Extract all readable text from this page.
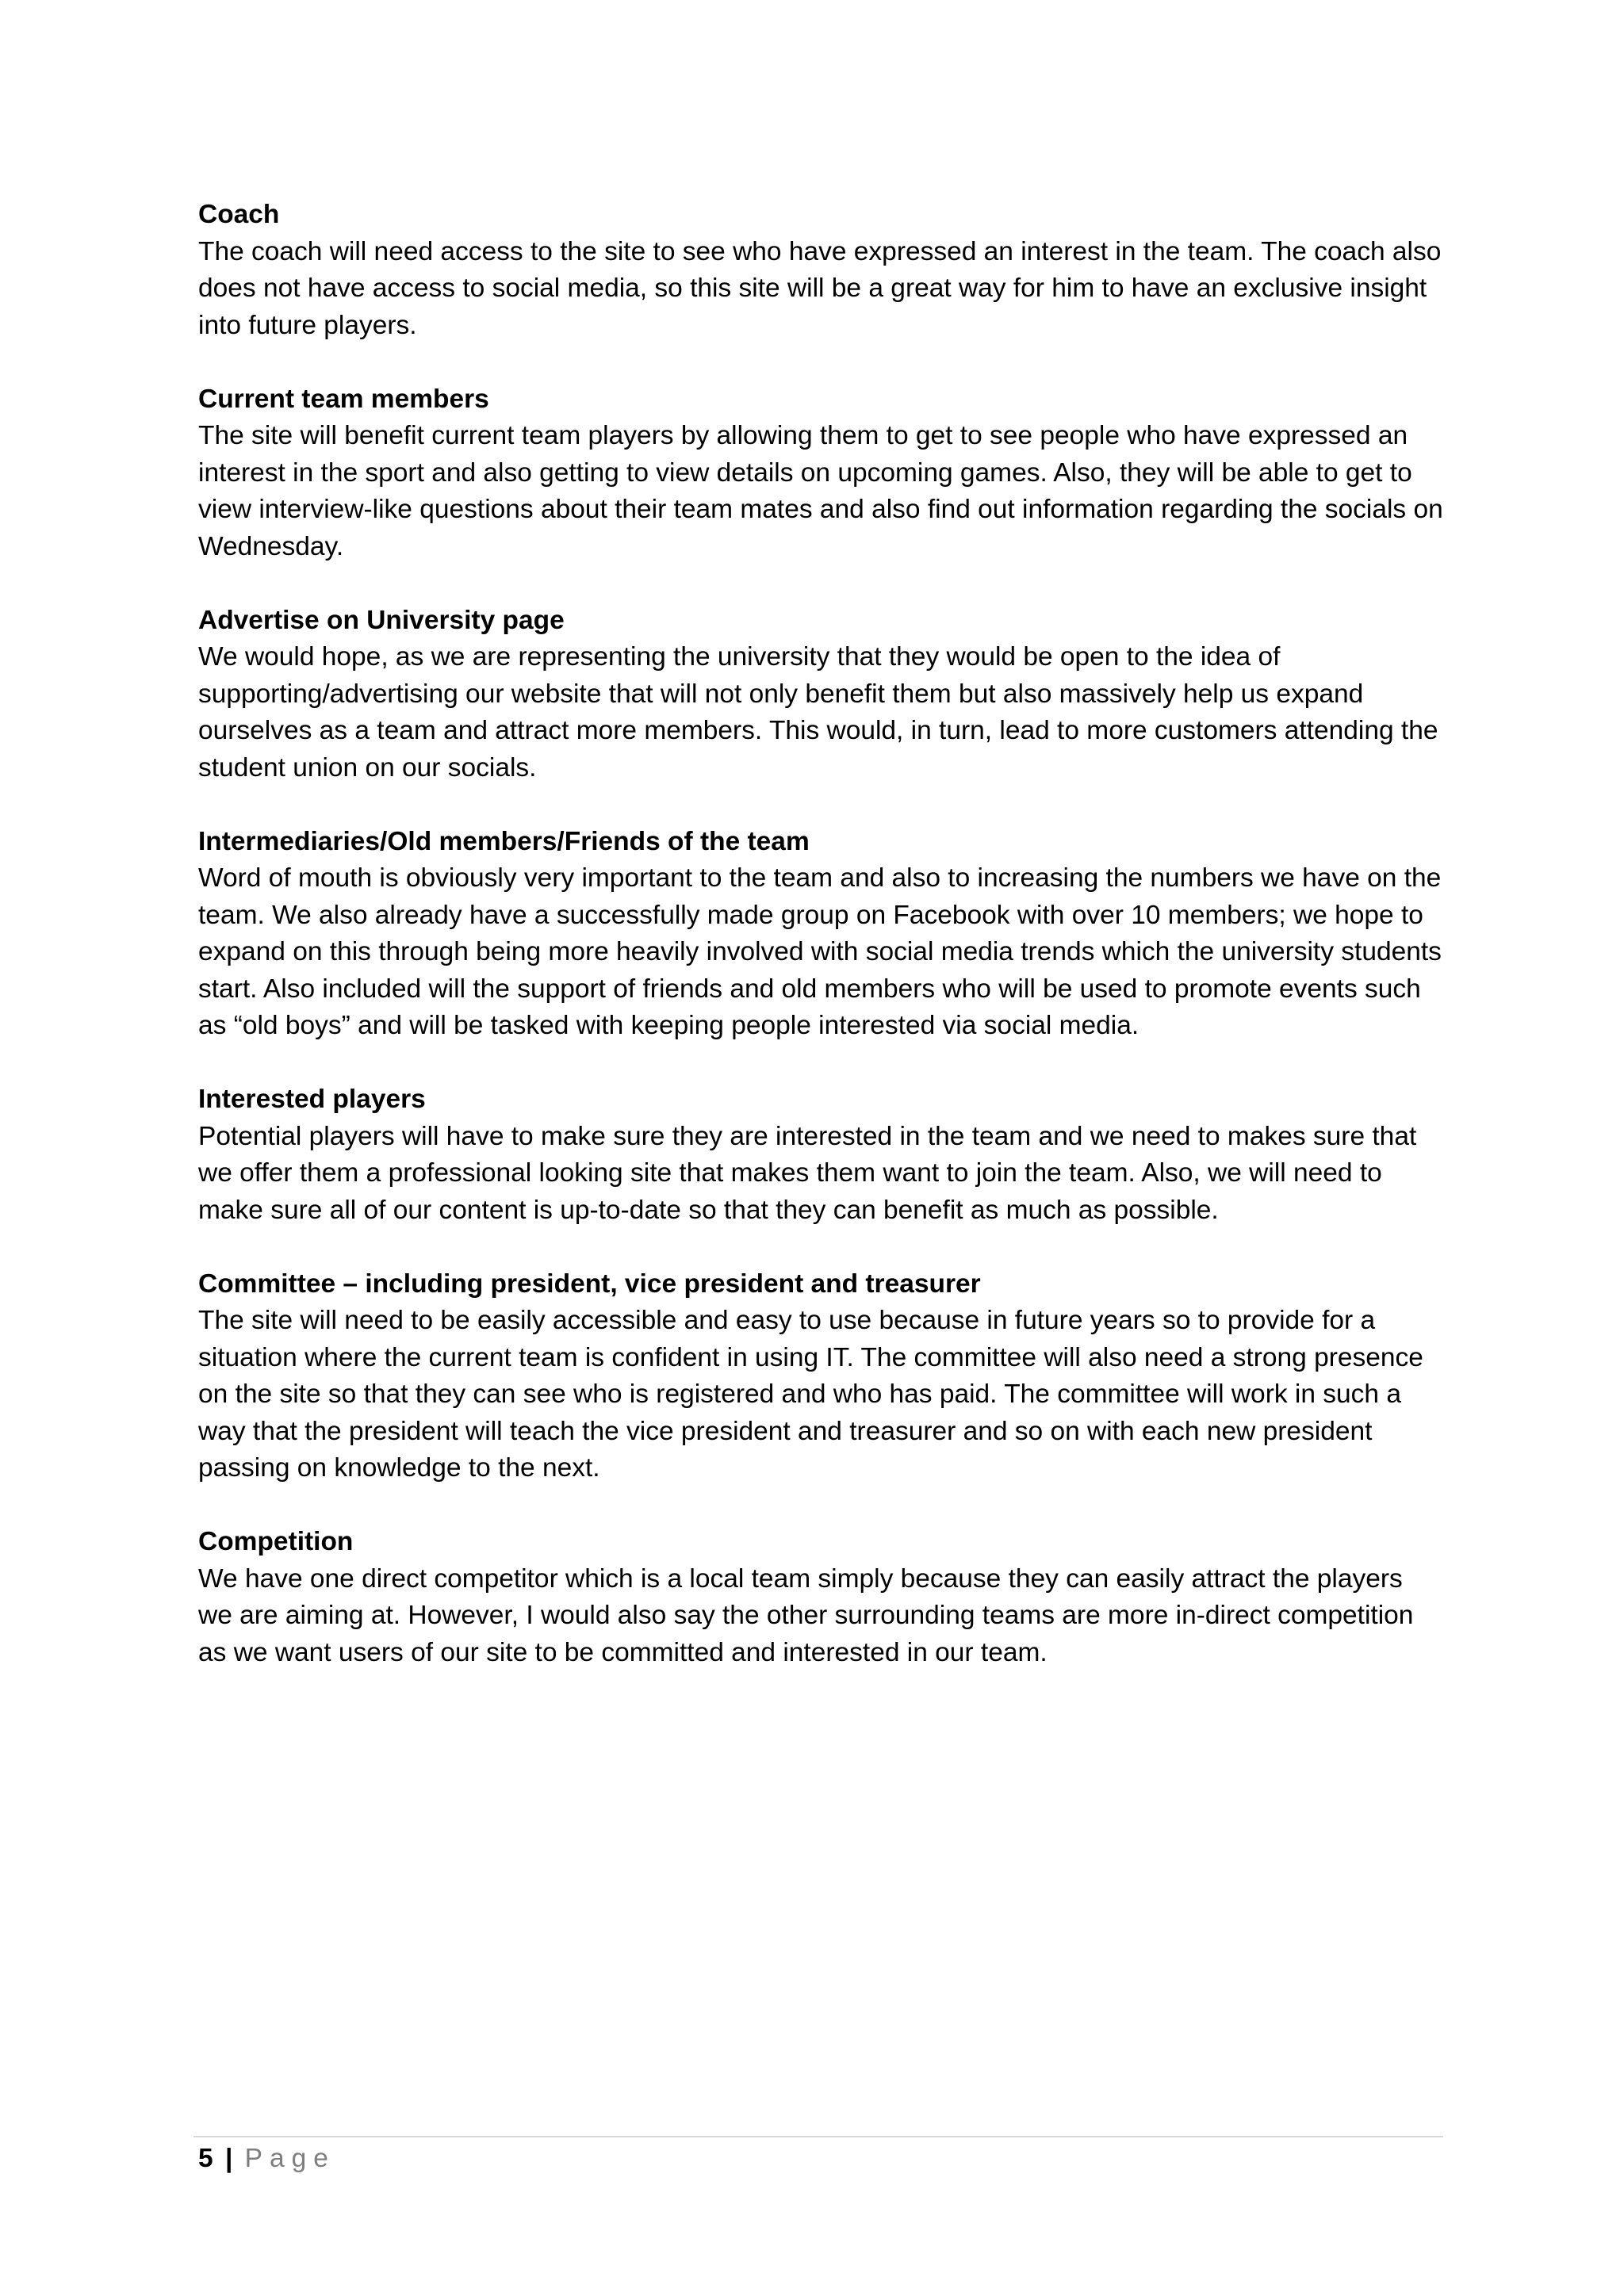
Coach

The coach will need access to the site to see who have expressed an interest in the team. The coach also does not have access to social media, so this site will be a great way for him to have an exclusive insight into future players.

Current team members

The site will benefit current team players by allowing them to get to see people who have expressed an interest in the sport and also getting to view details on upcoming games. Also, they will be able to get to view interview-like questions about their team mates and also find out information regarding the socials on Wednesday.

Advertise on University page

We would hope, as we are representing the university that they would be open to the idea of supporting/advertising our website that will not only benefit them but also massively help us expand ourselves as a team and attract more members. This would, in turn, lead to more customers attending the student union on our socials.

Intermediaries/Old members/Friends of the team

Word of mouth is obviously very important to the team and also to increasing the numbers we have on the team. We also already have a successfully made group on Facebook with over 10 members; we hope to expand on this through being more heavily involved with social media trends which the university students start. Also included will the support of friends and old members who will be used to promote events such as “old boys” and will be tasked with keeping people interested via social media.

Interested players

Potential players will have to make sure they are interested in the team and we need to makes sure that we offer them a professional looking site that makes them want to join the team. Also, we will need to make sure all of our content is up-to-date so that they can benefit as much as possible.

Committee – including president, vice president and treasurer

The site will need to be easily accessible and easy to use because in future years so to provide for a situation where the current team is confident in using IT. The committee will also need a strong presence on the site so that they can see who is registered and who has paid. The committee will work in such a way that the president will teach the vice president and treasurer and so on with each new president passing on knowledge to the next.

Competition

We have one direct competitor which is a local team simply because they can easily attract the players we are aiming at. However, I would also say the other surrounding teams are more in-direct competition as we want users of our site to be committed and interested in our team.

5 | Page
